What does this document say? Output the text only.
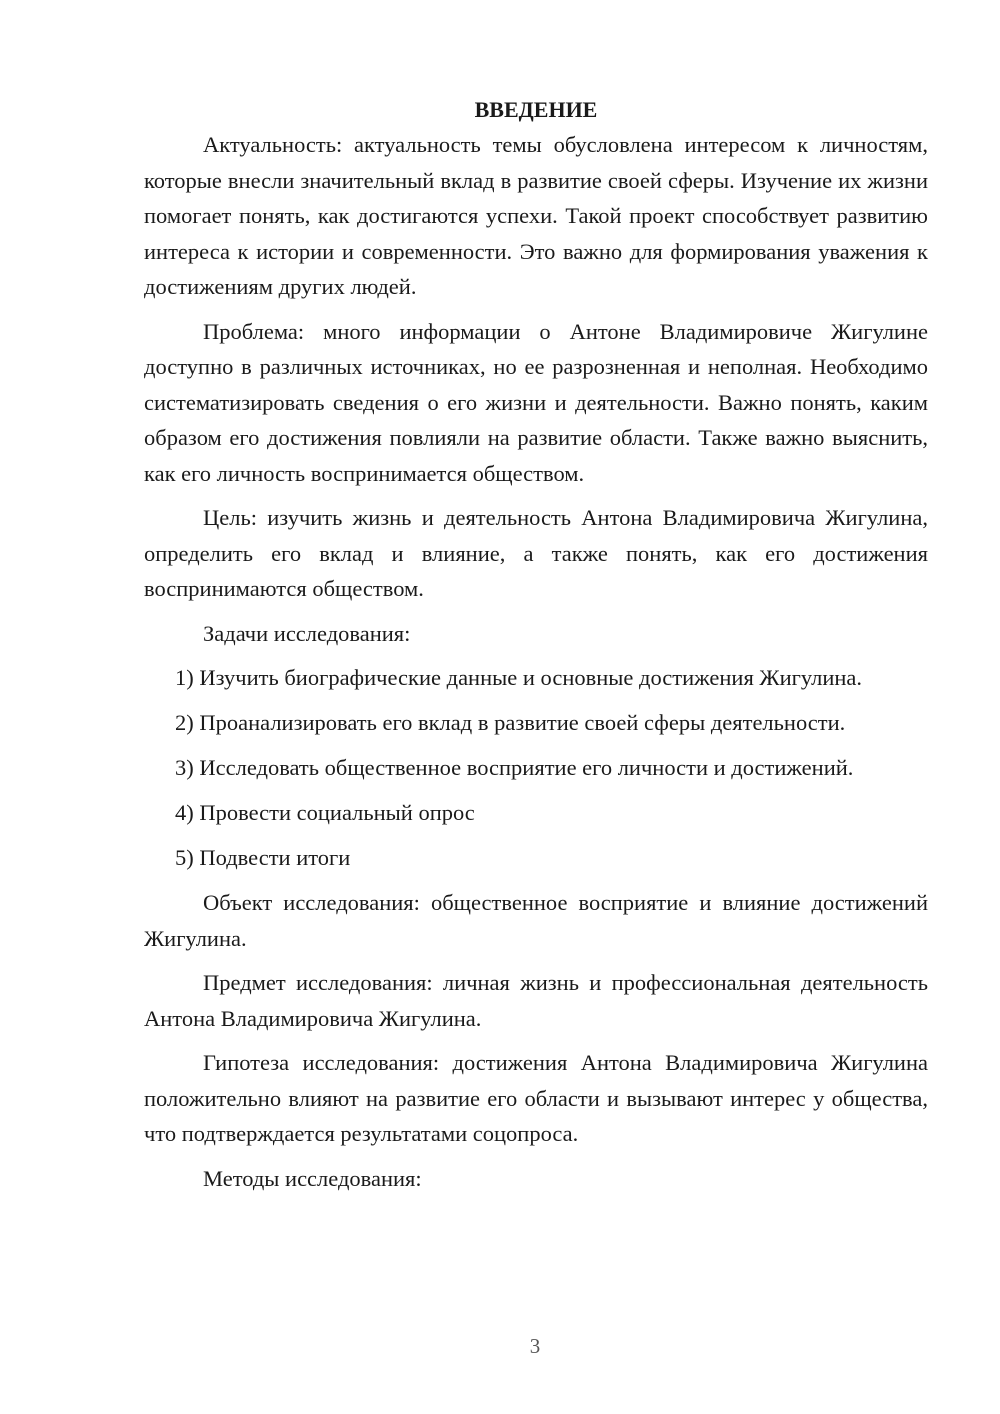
ВВЕДЕНИЕ

Актуальность: актуальность темы обусловлена интересом к личностям, которые внесли значительный вклад в развитие своей сферы. Изучение их жизни помогает понять, как достигаются успехи. Такой проект способствует развитию интереса к истории и современности. Это важно для формирования уважения к достижениям других людей.

Проблема: много информации о Антоне Владимировиче Жигулине доступно в различных источниках, но ее разрозненная и неполная. Необходимо систематизировать сведения о его жизни и деятельности. Важно понять, каким образом его достижения повлияли на развитие области. Также важно выяснить, как его личность воспринимается обществом.

Цель: изучить жизнь и деятельность Антона Владимировича Жигулина, определить его вклад и влияние, а также понять, как его достижения воспринимаются обществом.

Задачи исследования:

1) Изучить биографические данные и основные достижения Жигулина.

2) Проанализировать его вклад в развитие своей сферы деятельности.

3) Исследовать общественное восприятие его личности и достижений.

4) Провести социальный опрос

5) Подвести итоги

Объект исследования: общественное восприятие и влияние достижений Жигулина.

Предмет исследования: личная жизнь и профессиональная деятельность Антона Владимировича Жигулина.

Гипотеза исследования: достижения Антона Владимировича Жигулина положительно влияют на развитие его области и вызывают интерес у общества, что подтверждается результатами соцопроса.

Методы исследования:

3
